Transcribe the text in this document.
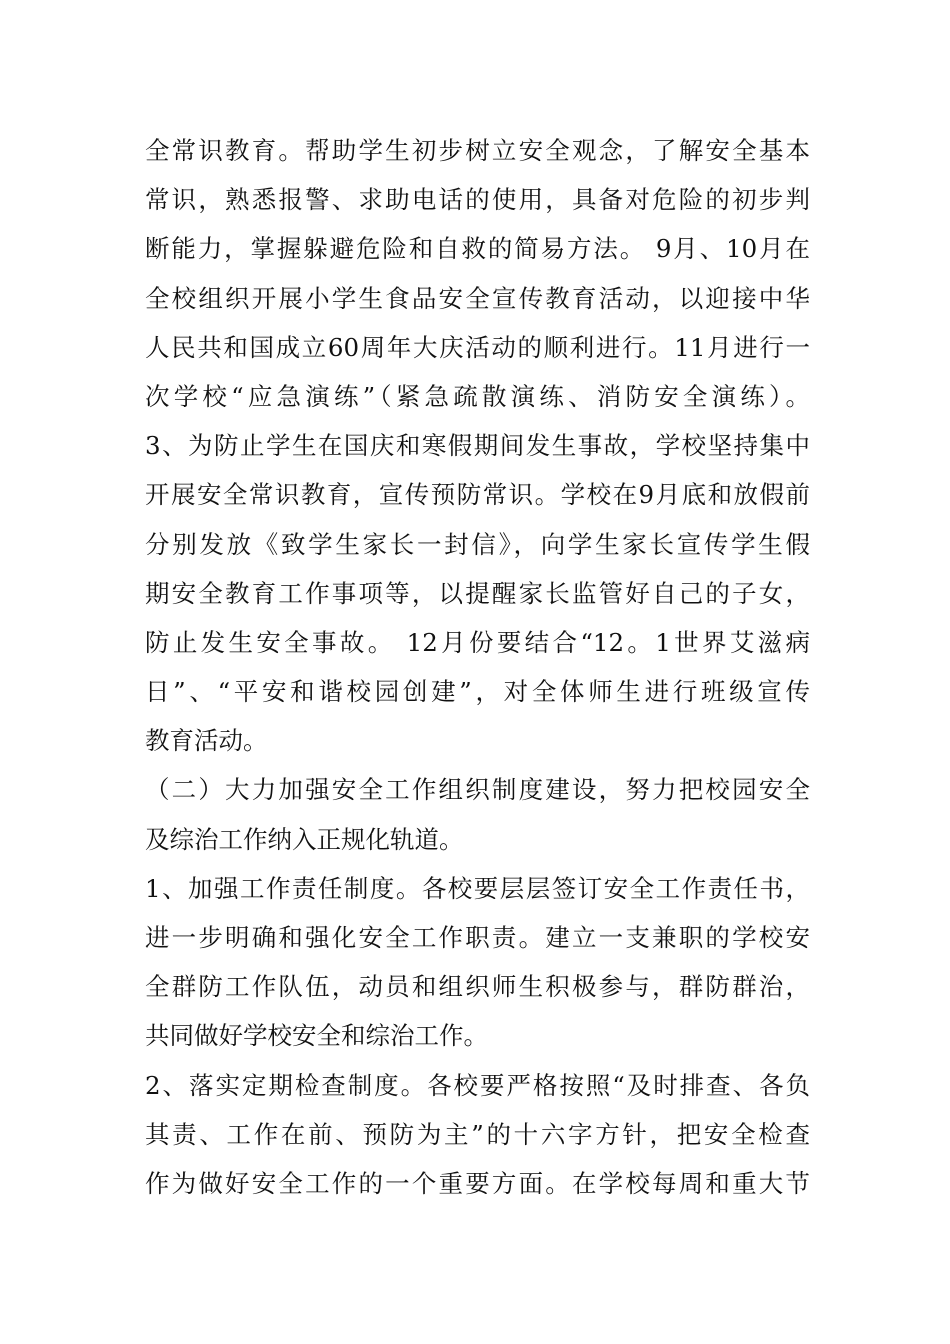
全常识教育。帮助学生初步树立安全观念，了解安全基本
常识，熟悉报警、求助电话的使用，具备对危险的初步判
断能力，掌握躲避危险和自救的简易方法。 9月、10月在
全校组织开展小学生食品安全宣传教育活动，以迎接中华
人民共和国成立60周年大庆活动的顺利进行。11月进行一
次学校“应急演练”（紧急疏散演练、消防安全演练）。
3、为防止学生在国庆和寒假期间发生事故，学校坚持集中
开展安全常识教育，宣传预防常识。学校在9月底和放假前
分别发放《致学生家长一封信》，向学生家长宣传学生假
期安全教育工作事项等，以提醒家长监管好自己的子女，
防止发生安全事故。 12月份要结合“12。1世界艾滋病
日”、“平安和谐校园创建”，对全体师生进行班级宣传
教育活动。
（二）大力加强安全工作组织制度建设，努力把校园安全
及综治工作纳入正规化轨道。
1、加强工作责任制度。各校要层层签订安全工作责任书，
进一步明确和强化安全工作职责。建立一支兼职的学校安
全群防工作队伍，动员和组织师生积极参与，群防群治，
共同做好学校安全和综治工作。
2、落实定期检查制度。各校要严格按照“及时排查、各负
其责、工作在前、预防为主”的十六字方针，把安全检查
作为做好安全工作的一个重要方面。在学校每周和重大节
